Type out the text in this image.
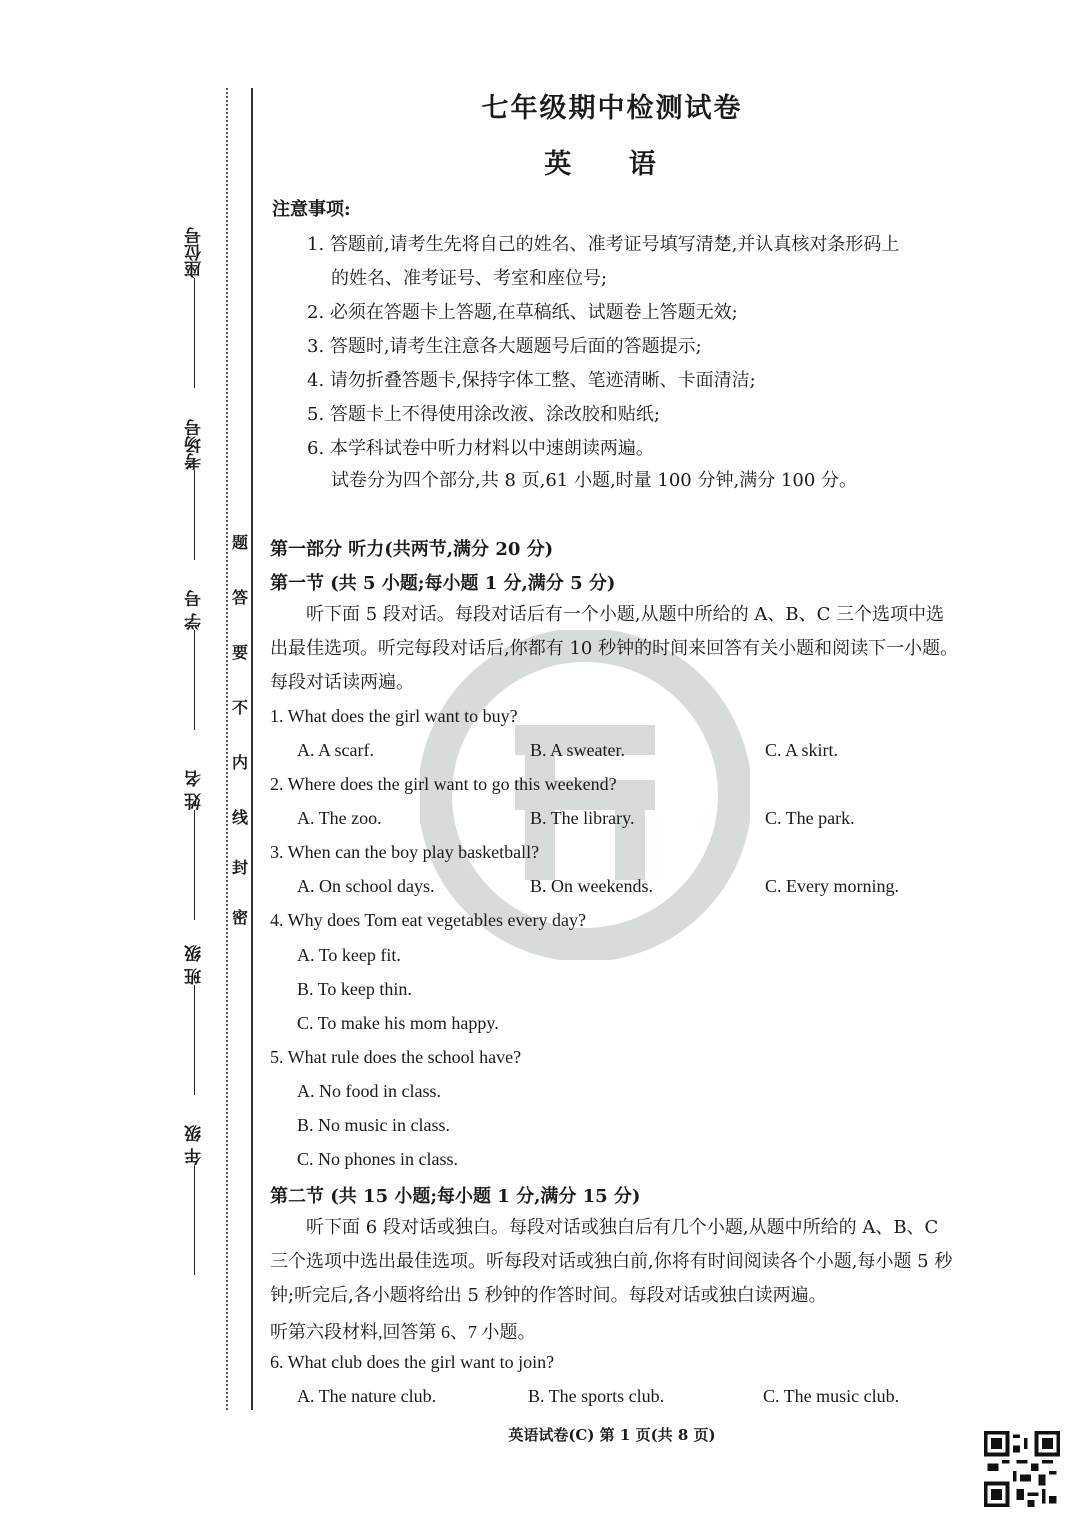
座位号
考场号
学 号
姓 名
班 级
年 级
密
封
线
内
不
要
答
题
七年级期中检测试卷
英 语
注意事项:
1. 答题前,请考生先将自己的姓名、准考证号填写清楚,并认真核对条形码上
的姓名、准考证号、考室和座位号;
2. 必须在答题卡上答题,在草稿纸、试题卷上答题无效;
3. 答题时,请考生注意各大题题号后面的答题提示;
4. 请勿折叠答题卡,保持字体工整、笔迹清晰、卡面清洁;
5. 答题卡上不得使用涂改液、涂改胶和贴纸;
6. 本学科试卷中听力材料以中速朗读两遍。
试卷分为四个部分,共 8 页,61 小题,时量 100 分钟,满分 100 分。
第一部分 听力(共两节,满分 20 分)
第一节 (共 5 小题;每小题 1 分,满分 5 分)
听下面 5 段对话。每段对话后有一个小题,从题中所给的 A、B、C 三个选项中选出最佳选项。听完每段对话后,你都有 10 秒钟的时间来回答有关小题和阅读下一小题。每段对话读两遍。
1. What does the girl want to buy?
A. A scarf.	B. A sweater.	C. A skirt.
2. Where does the girl want to go this weekend?
A. The zoo.	B. The library.	C. The park.
3. When can the boy play basketball?
A. On school days.	B. On weekends.	C. Every morning.
4. Why does Tom eat vegetables every day?
A. To keep fit.
B. To keep thin.
C. To make his mom happy.
5. What rule does the school have?
A. No food in class.
B. No music in class.
C. No phones in class.
第二节 (共 15 小题;每小题 1 分,满分 15 分)
听下面 6 段对话或独白。每段对话或独白后有几个小题,从题中所给的 A、B、C 三个选项中选出最佳选项。听每段对话或独白前,你将有时间阅读各个小题,每小题 5 秒钟;听完后,各小题将给出 5 秒钟的作答时间。每段对话或独白读两遍。
听第六段材料,回答第 6、7 小题。
6. What club does the girl want to join?
A. The nature club.	B. The sports club.	C. The music club.
英语试卷(C) 第 1 页(共 8 页)
